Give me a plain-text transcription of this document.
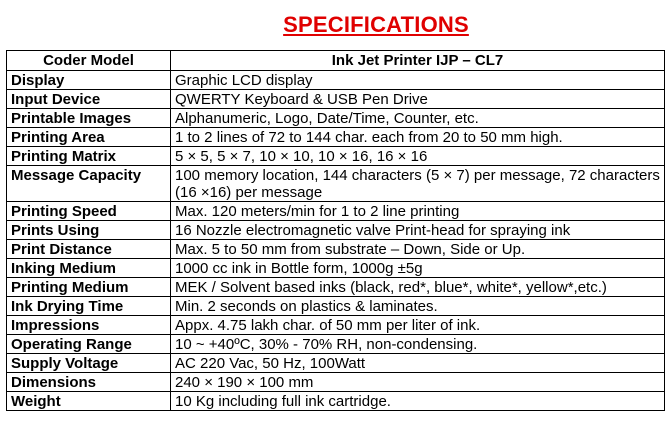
SPECIFICATIONS
Coder Model	Ink Jet Printer IJP – CL7
Display	Graphic LCD display
Input Device	QWERTY Keyboard & USB Pen Drive
Printable Images	Alphanumeric, Logo, Date/Time, Counter, etc.
Printing Area	1 to 2 lines of 72 to 144 char. each from 20 to 50 mm high.
Printing Matrix	5 × 5, 5 × 7, 10 × 10, 10 × 16, 16 × 16
Message Capacity	100 memory location, 144 characters (5 × 7) per message, 72 characters (16 ×16) per message
Printing Speed	Max. 120 meters/min for 1 to 2 line printing
Prints Using	16 Nozzle electromagnetic valve Print-head for spraying ink
Print Distance	Max. 5 to 50 mm from substrate – Down, Side or Up.
Inking Medium	1000 cc ink in Bottle form, 1000g ±5g
Printing Medium	MEK / Solvent based inks (black, red*, blue*, white*, yellow*,etc.)
Ink Drying Time	Min. 2 seconds on plastics & laminates.
Impressions	Appx. 4.75 lakh char. of 50 mm per liter of ink.
Operating Range	10 ~ +40ºC, 30% - 70% RH, non-condensing.
Supply Voltage	AC 220 Vac, 50 Hz, 100Watt
Dimensions	240 × 190 × 100 mm
Weight	10 Kg including full ink cartridge.
